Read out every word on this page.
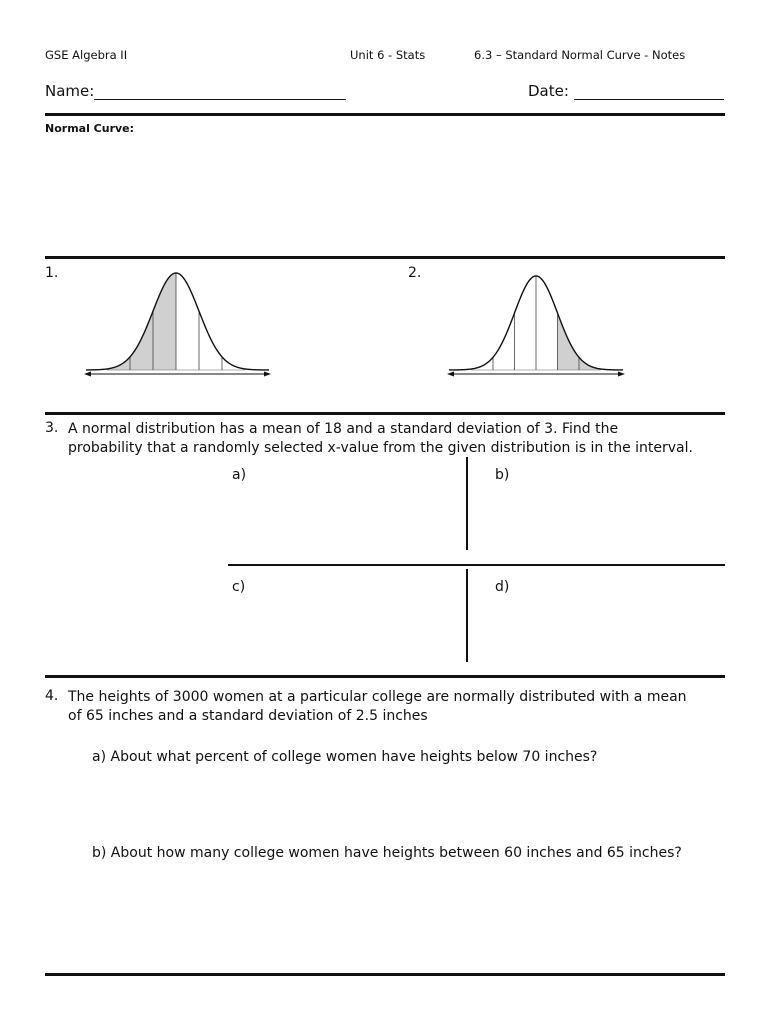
GSE Algebra II	Unit 6 - Stats	6.3 – Standard Normal Curve - Notes
Name:	Date:
Normal Curve:
1.	2.
3. A normal distribution has a mean of 18 and a standard deviation of 3. Find the
probability that a randomly selected x-value from the given distribution is in the interval.
a)	b)
c)	d)
4. The heights of 3000 women at a particular college are normally distributed with a mean
of 65 inches and a standard deviation of 2.5 inches
a) About what percent of college women have heights below 70 inches?
b) About how many college women have heights between 60 inches and 65 inches?
